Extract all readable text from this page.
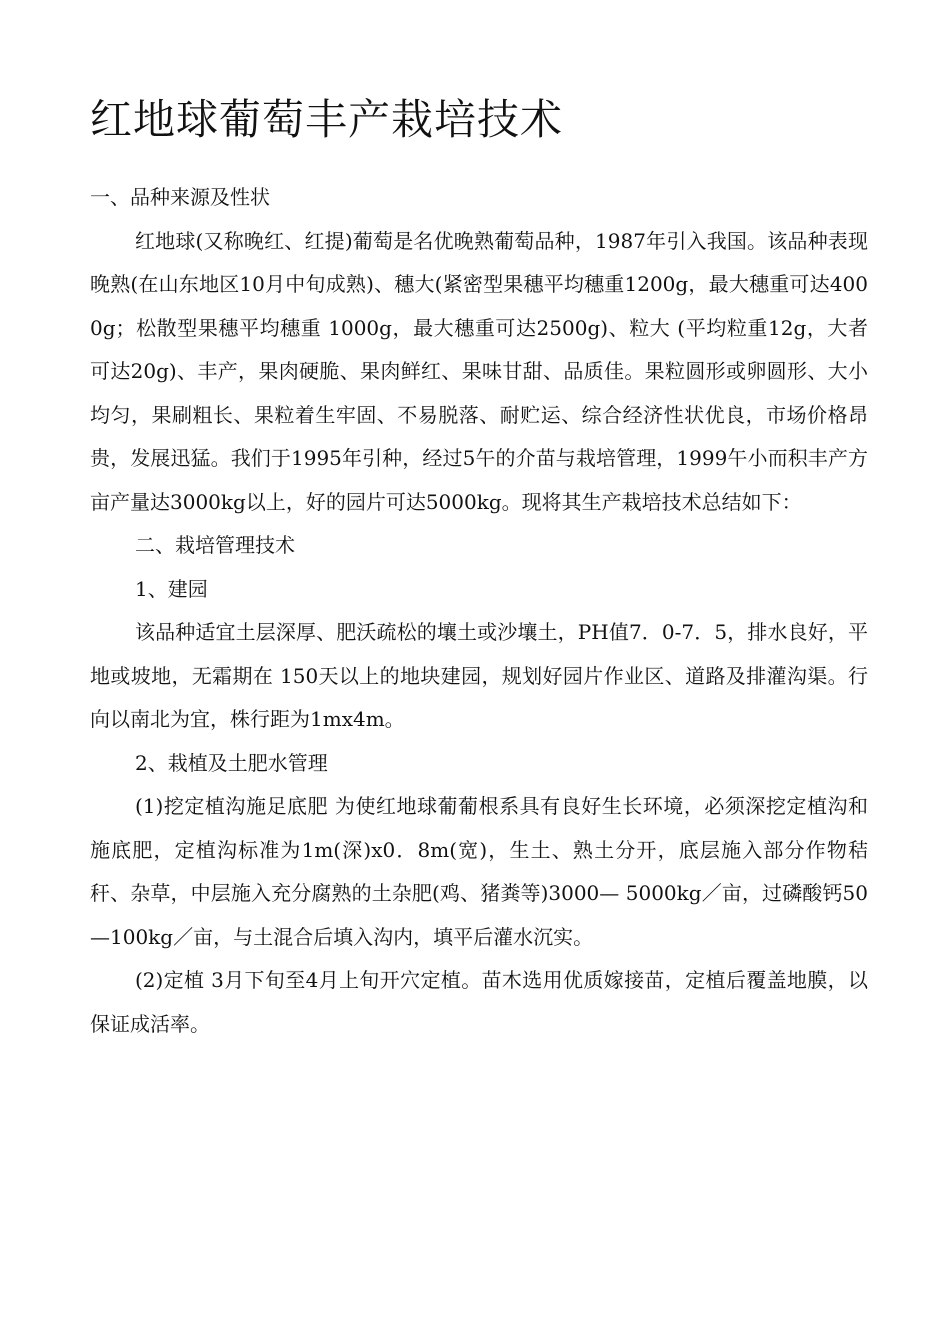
红地球葡萄丰产栽培技术

一、品种来源及性状

红地球(又称晚红、红提)葡萄是名优晚熟葡萄品种，1987年引入我国。该品种表现晚熟(在山东地区10月中旬成熟)、穗大(紧密型果穗平均穗重1200g，最大穗重可达4000g；松散型果穗平均穗重 1000g，最大穗重可达2500g)、粒大 (平均粒重12g，大者可达20g)、丰产，果肉硬脆、果肉鲜红、果味甘甜、品质佳。果粒圆形或卵圆形、大小均匀，果刷粗长、果粒着生牢固、不易脱落、耐贮运、综合经济性状优良，市场价格昂贵，发展迅猛。我们于1995年引种，经过5午的介苗与栽培管理，1999午小而积丰产方亩产量达3000kg以上，好的园片可达5000kg。现将其生产栽培技术总结如下：

二、栽培管理技术

1、建园

该品种适宜土层深厚、肥沃疏松的壤土或沙壤土，PH值7．0-7．5，排水良好，平地或坡地，无霜期在 150天以上的地块建园，规划好园片作业区、道路及排灌沟渠。行向以南北为宜，株行距为1mx4m。

2、栽植及土肥水管理

(1)挖定植沟施足底肥 为使红地球葡葡根系具有良好生长环境，必须深挖定植沟和施底肥，定植沟标准为1m(深)x0．8m(宽)，生土、熟土分开，底层施入部分作物秸秆、杂草，中层施入充分腐熟的土杂肥(鸡、猪粪等)3000— 5000kg／亩，过磷酸钙50—100kg／亩，与土混合后填入沟内，填平后灌水沉实。

(2)定植 3月下旬至4月上旬开穴定植。苗木选用优质嫁接苗，定植后覆盖地膜，以保证成活率。
